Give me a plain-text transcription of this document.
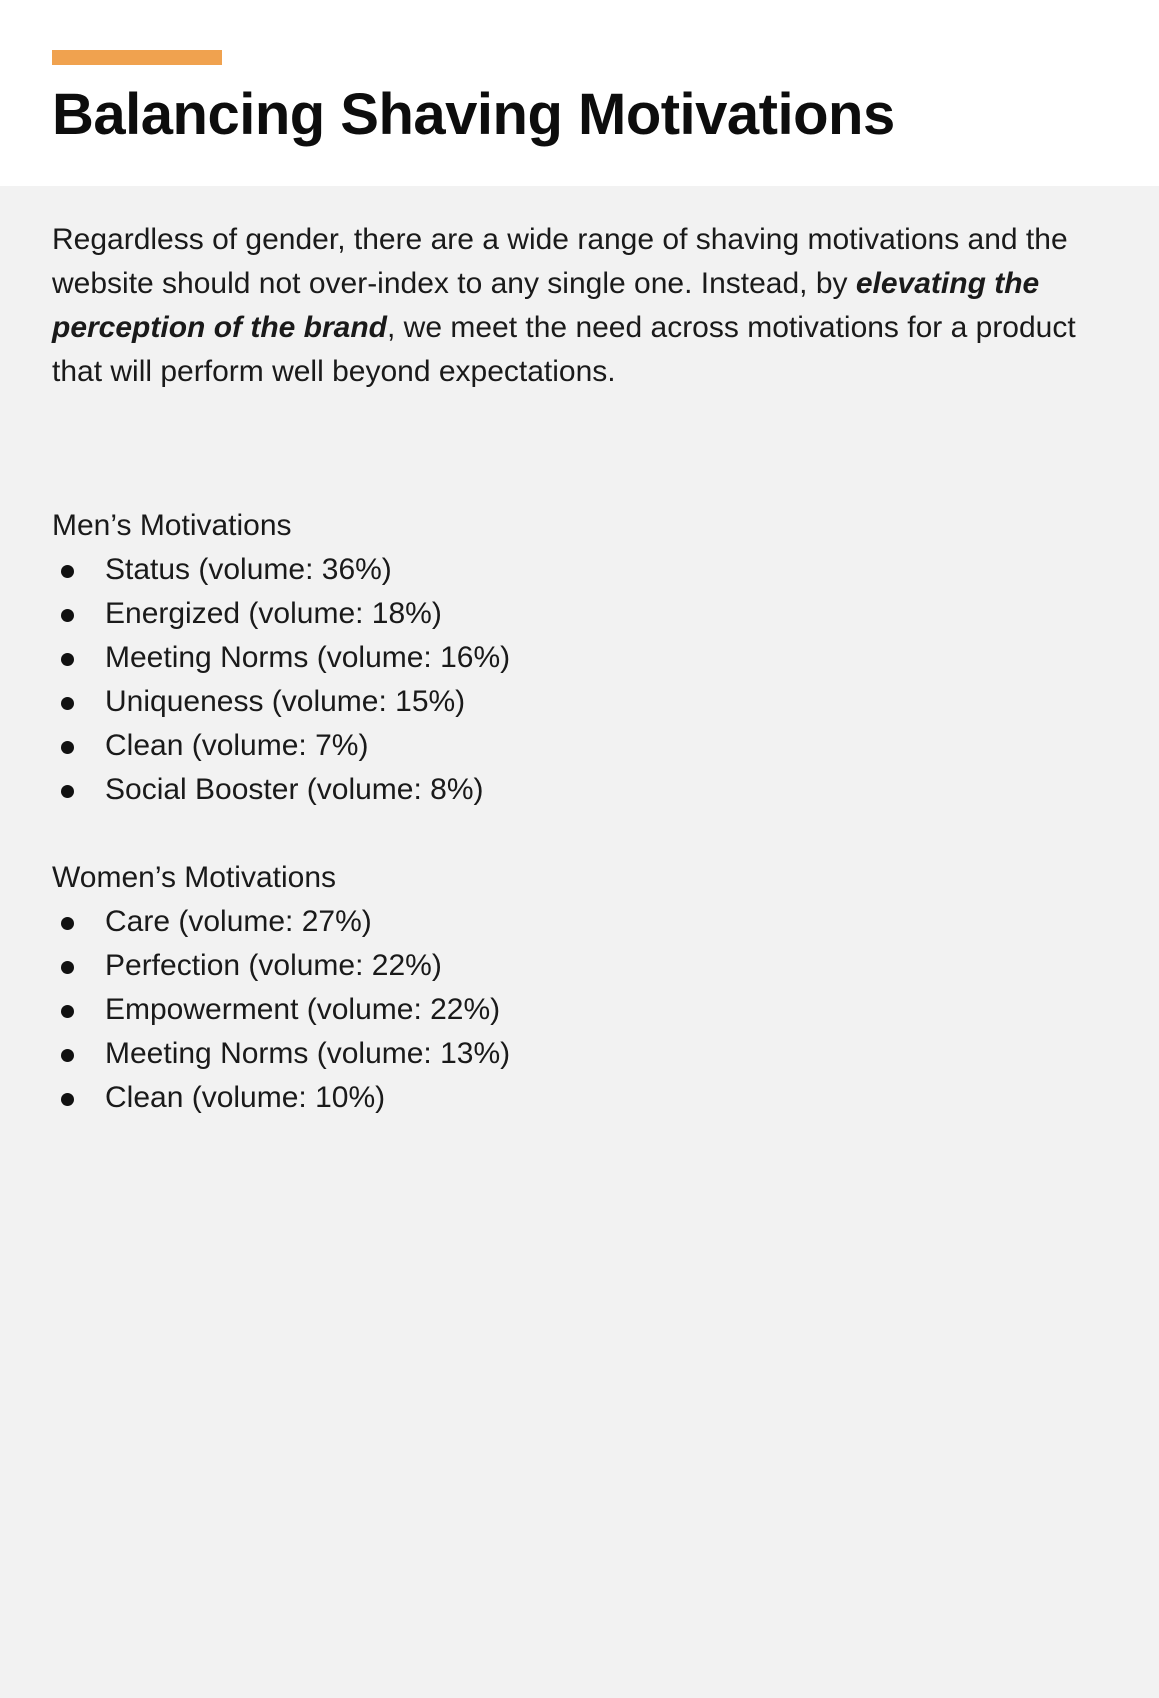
Balancing Shaving Motivations

Regardless of gender, there are a wide range of shaving motivations and the website should not over-index to any single one. Instead, by elevating the perception of the brand, we meet the need across motivations for a product that will perform well beyond expectations.

Men’s Motivations
Status (volume: 36%)
Energized (volume: 18%)
Meeting Norms (volume: 16%)
Uniqueness (volume: 15%)
Clean (volume: 7%)
Social Booster (volume: 8%)
Women’s Motivations
Care (volume: 27%)
Perfection (volume: 22%)
Empowerment (volume: 22%)
Meeting Norms (volume: 13%)
Clean (volume: 10%)
